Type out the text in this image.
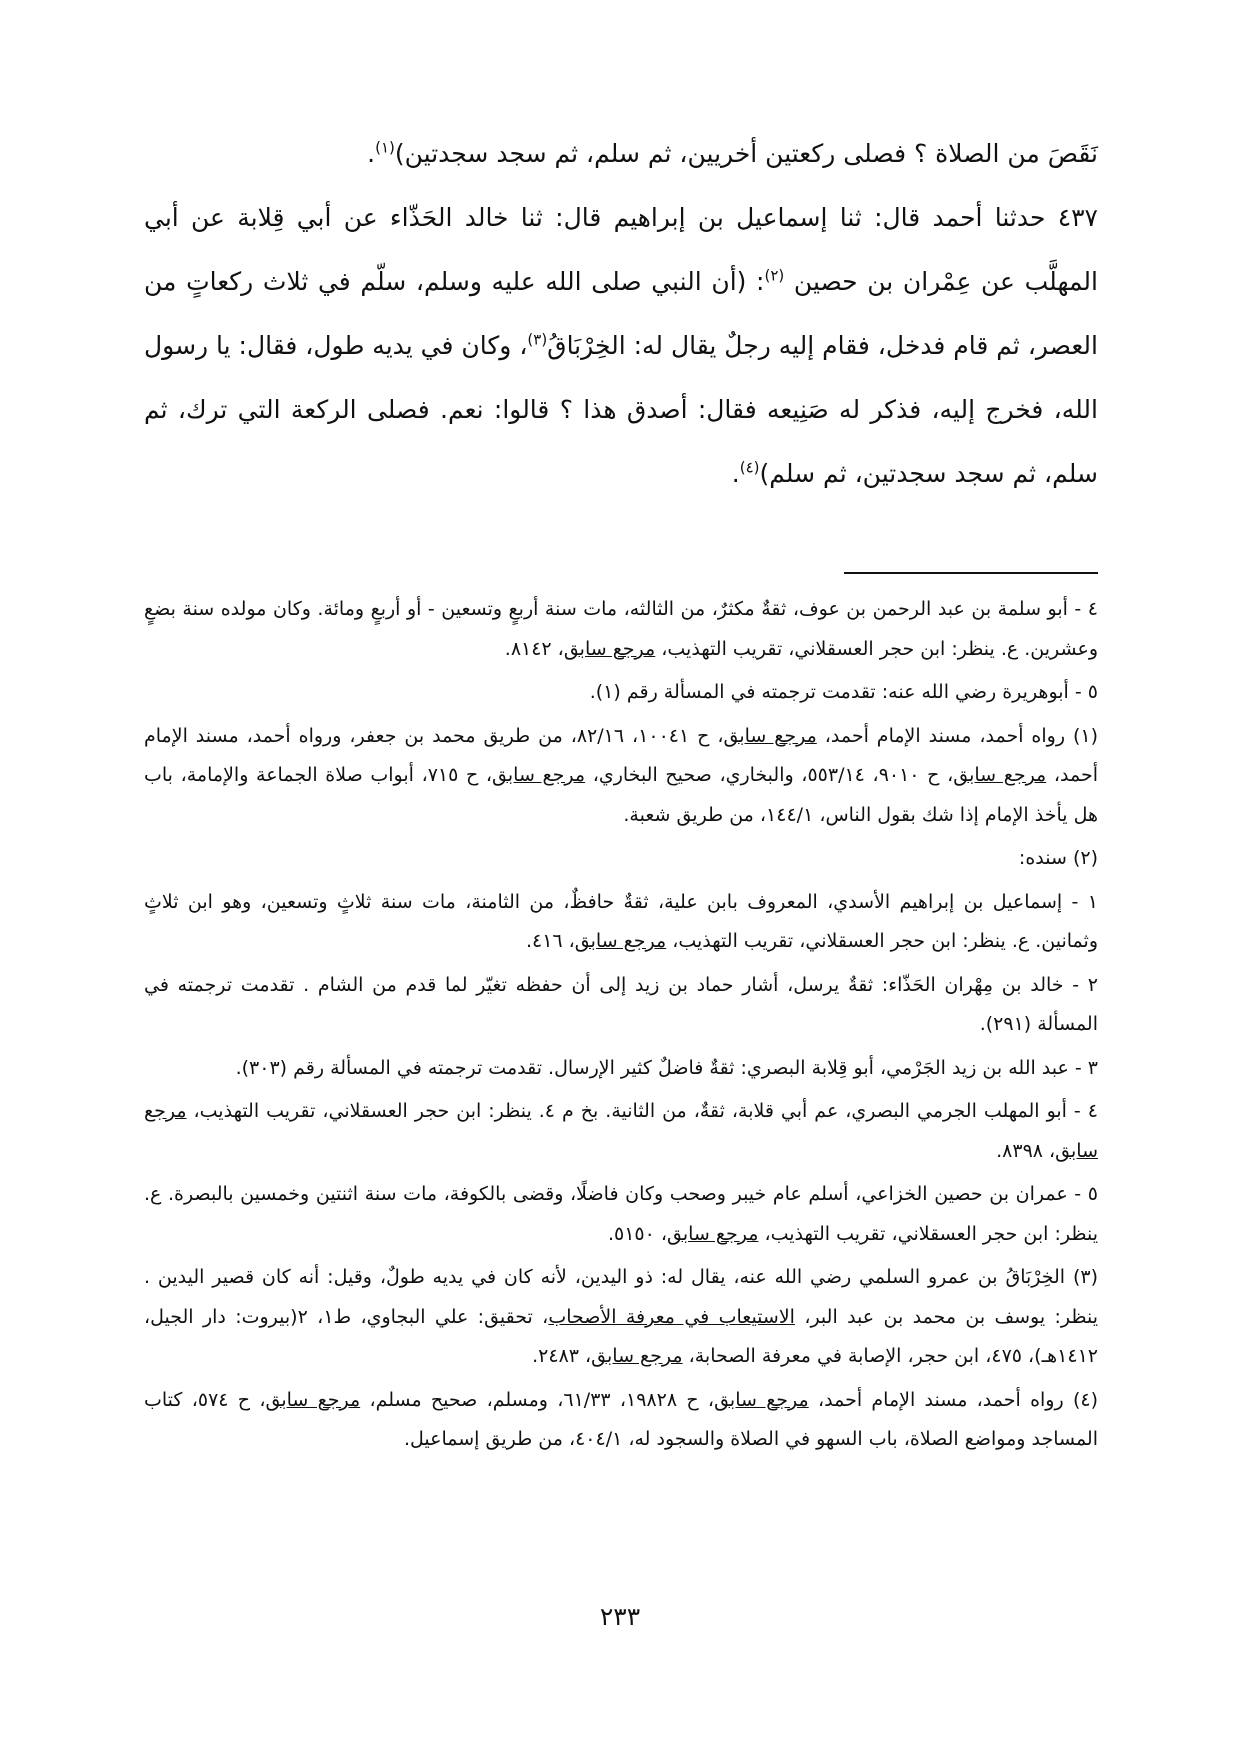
نَقَصَ من الصلاة ؟ فصلى ركعتين أخريين، ثم سلم، ثم سجد سجدتين)$^{(١)}$.

٤٣٧ حدثنا أحمد قال: ثنا إسماعيل بن إبراهيم قال: ثنا خالد الحَذّاء عن أبي قِلابة عن أبي المهلَّب عن عِمْران بن حصين $^{(٢)}$: (أن النبي صلى الله عليه وسلم، سلّم في ثلاث ركعاتٍ من العصر، ثم قام فدخل، فقام إليه رجلٌ يقال له: الخِرْبَاقُ$^{(٣)}$، وكان في يديه طول، فقال: يا رسول الله، فخرج إليه، فذكر له صَنِيعه فقال: أصدق هذا ؟ قالوا: نعم. فصلى الركعة التي ترك، ثم سلم، ثم سجد سجدتين، ثم سلم)$^{(٤)}$.

٤ - أبو سلمة بن عبد الرحمن بن عوف، ثقةٌ مكثرٌ، من الثالثه، مات سنة أربعٍ وتسعين - أو أربعٍ ومائة. وكان مولده سنة بضعٍ وعشرين. ع. ينظر: ابن حجر العسقلاني، تقريب التهذيب، مرجع سابق، ٨١٤٢.

٥ - أبوهريرة رضي الله عنه: تقدمت ترجمته في المسألة رقم (١).

(١) رواه أحمد، مسند الإمام أحمد، مرجع سابق، ح ١٠٠٤١، ٨٢/١٦، من طريق محمد بن جعفر، ورواه أحمد، مسند الإمام أحمد، مرجع سابق، ح ٩٠١٠، ٥٥٣/١٤، والبخاري، صحيح البخاري، مرجع سابق، ح ٧١٥، أبواب صلاة الجماعة والإمامة، باب هل يأخذ الإمام إذا شك بقول الناس، ١٤٤/١، من طريق شعبة.

(٢) سنده:

١ - إسماعيل بن إبراهيم الأسدي، المعروف بابن علية، ثقةٌ حافظٌ، من الثامنة، مات سنة ثلاثٍ وتسعين، وهو ابن ثلاثٍ وثمانين. ع. ينظر: ابن حجر العسقلاني، تقريب التهذيب، مرجع سابق، ٤١٦.

٢ - خالد بن مِهْران الحَذّاء: ثقةٌ يرسل، أشار حماد بن زيد إلى أن حفظه تغيّر لما قدم من الشام . تقدمت ترجمته في المسألة (٢٩١).

٣ - عبد الله بن زيد الجَرْمي، أبو قِلابة البصري: ثقةٌ فاضلٌ كثير الإرسال. تقدمت ترجمته في المسألة رقم (٣٠٣).

٤ - أبو المهلب الجرمي البصري، عم أبي قلابة، ثقةٌ، من الثانية. بخ م ٤. ينظر: ابن حجر العسقلاني، تقريب التهذيب، مرجع سابق، ٨٣٩٨.

٥ - عمران بن حصين الخزاعي، أسلم عام خيبر وصحب وكان فاضلًا، وقضى بالكوفة، مات سنة اثنتين وخمسين بالبصرة. ع. ينظر: ابن حجر العسقلاني، تقريب التهذيب، مرجع سابق، ٥١٥٠.

(٣) الخِرْبَاقُ بن عمرو السلمي رضي الله عنه، يقال له: ذو اليدين، لأنه كان في يديه طولٌ، وقيل: أنه كان قصير اليدين . ينظر: يوسف بن محمد بن عبد البر، الاستيعاب في معرفة الأصحاب، تحقيق: علي البجاوي، ط١، ٢(بيروت: دار الجيل، ١٤١٢هـ)، ٤٧٥، ابن حجر، الإصابة في معرفة الصحابة، مرجع سابق، ٢٤٨٣.

(٤) رواه أحمد، مسند الإمام أحمد، مرجع سابق، ح ١٩٨٢٨، ٦١/٣٣، ومسلم، صحيح مسلم، مرجع سابق، ح ٥٧٤، كتاب المساجد ومواضع الصلاة، باب السهو في الصلاة والسجود له، ٤٠٤/١، من طريق إسماعيل.

٢٣٣
